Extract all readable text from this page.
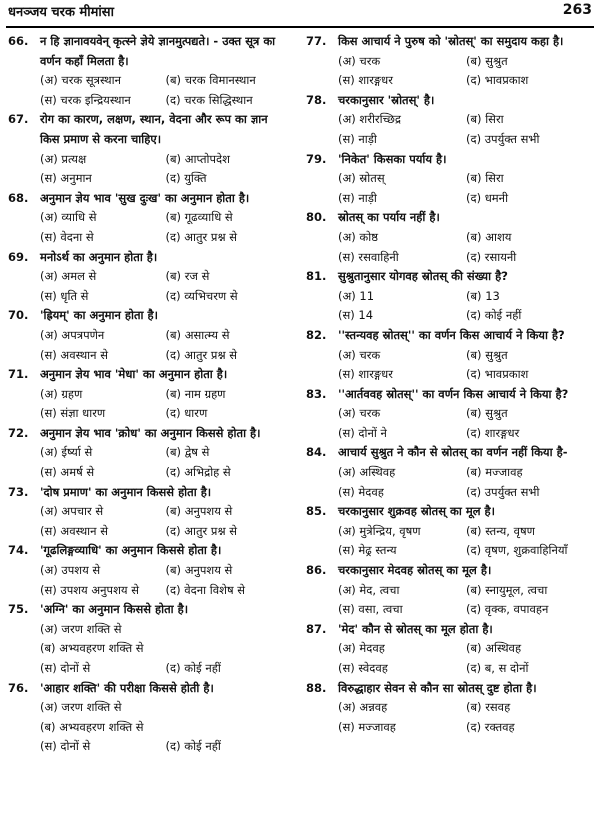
धनञ्जय चरक मीमांसा	263
66.	न हि ज्ञानावयवेन् कृत्स्ने ज्ञेये ज्ञानमुत्पद्यते। - उक्त सूत्र का वर्णन कहाँ मिलता है।
(अ) चरक सूत्रस्थान	(ब) चरक विमानस्थान
(स) चरक इन्द्रियस्थान	(द) चरक सिद्धिस्थान
67.	रोग का कारण, लक्षण, स्थान, वेदना और रूप का ज्ञान किस प्रमाण से करना चाहिए।
(अ) प्रत्यक्ष	(ब) आप्तोपदेश
(स) अनुमान	(द) युक्ति
68.	अनुमान ज्ञेय भाव 'सुख दुःख' का अनुमान होता है।
(अ) व्याधि से	(ब) गूढव्याधि से
(स) वेदना से	(द) आतुर प्रश्न से
69.	मनोऽर्थ का अनुमान होता है।
(अ) अमल से	(ब) रज से
(स) धृति से	(द) व्यभिचरण से
70.	'ह्रियम्' का अनुमान होता है।
(अ) अपत्रपणेन	(ब) असात्म्य से
(स) अवस्थान से	(द) आतुर प्रश्न से
71.	अनुमान ज्ञेय भाव 'मेधा' का अनुमान होता है।
(अ) ग्रहण	(ब) नाम ग्रहण
(स) संज्ञा धारण	(द) धारण
72.	अनुमान ज्ञेय भाव 'क्रोध' का अनुमान किससे होता है।
(अ) ईर्ष्या से	(ब) द्वेष से
(स) अमर्ष से	(द) अभिद्रोह से
73.	'दोष प्रमाण' का अनुमान किससे होता है।
(अ) अपचार से	(ब) अनुपशय से
(स) अवस्थान से	(द) आतुर प्रश्न से
74.	'गूढलिङ्गव्याधि' का अनुमान किससे होता है।
(अ) उपशय से	(ब) अनुपशय से
(स) उपशय अनुपशय से	(द) वेदना विशेष से
75.	'अग्नि' का अनुमान किससे होता है।
(अ) जरण शक्ति से
(ब) अभ्यवहरण शक्ति से
(स) दोनों से	(द) कोई नहीं
76.	'आहार शक्ति' की परीक्षा किससे होती है।
(अ) जरण शक्ति से
(ब) अभ्यवहरण शक्ति से
(स) दोनों से	(द) कोई नहीं
77.	किस आचार्य ने पुरुष को 'स्रोतस्' का समुदाय कहा है।
(अ) चरक	(ब) सुश्रुत
(स) शारङ्गधर	(द) भावप्रकाश
78.	चरकानुसार 'स्रोतस्' है।
(अ) शरीरच्छिद्र	(ब) सिरा
(स) नाड़ी	(द) उपर्युक्त सभी
79.	'निकेत' किसका पर्याय है।
(अ) स्रोतस्	(ब) सिरा
(स) नाड़ी	(द) धमनी
80.	स्रोतस् का पर्याय नहीं है।
(अ) कोष्ठ	(ब) आशय
(स) रसवाहिनी	(द) रसायनी
81.	सुश्रुतानुसार योगवह स्रोतस् की संख्या है?
(अ) 11	(ब) 13
(स) 14	(द) कोई नहीं
82.	''स्तन्यवह स्रोतस्'' का वर्णन किस आचार्य ने किया है?
(अ) चरक	(ब) सुश्रुत
(स) शारङ्गधर	(द) भावप्रकाश
83.	''आर्तववह स्रोतस्'' का वर्णन किस आचार्य ने किया है?
(अ) चरक	(ब) सुश्रुत
(स) दोनों ने	(द) शारङ्गधर
84.	आचार्य सुश्रुत ने कौन से स्रोतस् का वर्णन नहीं किया है-
(अ) अस्थिवह	(ब) मज्जावह
(स) मेदवह	(द) उपर्युक्त सभी
85.	चरकानुसार शुक्रवह स्रोतस् का मूल है।
(अ) मुत्रेन्द्रिय, वृषण	(ब) स्तन्य, वृषण
(स) मेढ्र स्तन्य	(द) वृषण, शुक्रवाहिनियाँ
86.	चरकानुसार मेदवह स्रोतस् का मूल है।
(अ) मेद, त्वचा	(ब) स्नायुमूल, त्वचा
(स) वसा, त्वचा	(द) वृक्क, वपावहन
87.	'मेद' कौन से स्रोतस् का मूल होता है।
(अ) मेदवह	(ब) अस्थिवह
(स) स्वेदवह	(द) ब, स दोनों
88.	विरुद्धाहार सेवन से कौन सा स्रोतस् दुष्ट होता है।
(अ) अन्नवह	(ब) रसवह
(स) मज्जावह	(द) रक्तवह
